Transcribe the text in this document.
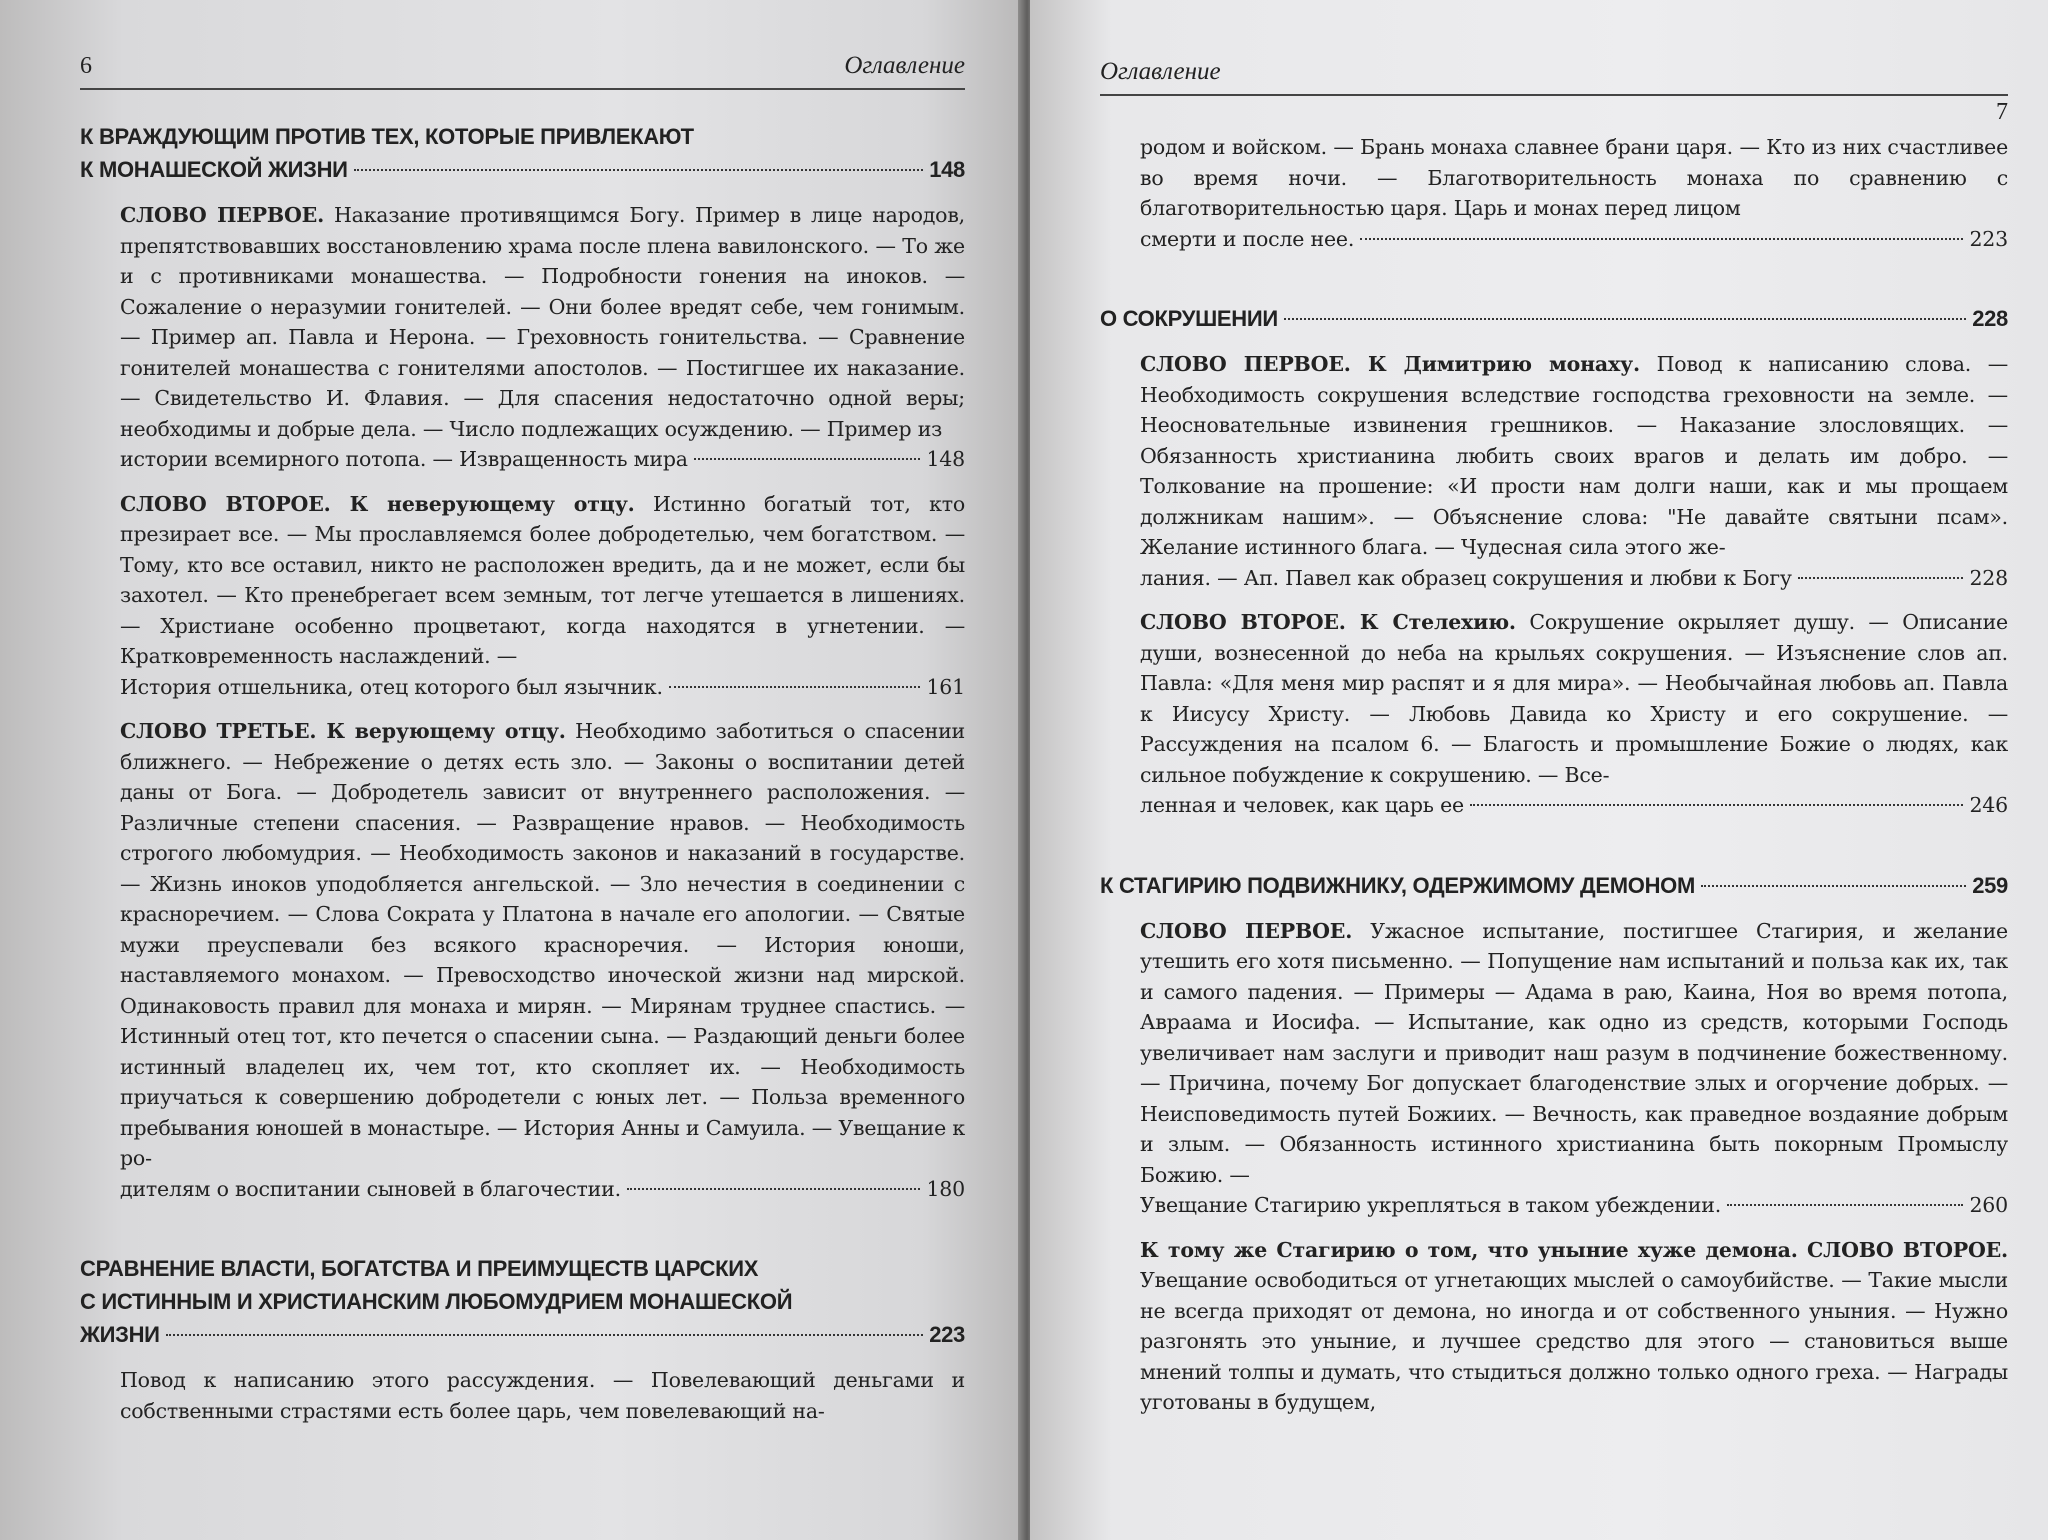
6	Оглавление
К ВРАЖДУЮЩИМ ПРОТИВ ТЕХ, КОТОРЫЕ ПРИВЛЕКАЮТ
К МОНАШЕСКОЙ ЖИЗНИ	148
СЛОВО ПЕРВОЕ. Наказание противящимся Богу. Пример в лице народов, препятствовавших восстановлению храма после плена вавилонского. — То же и с противниками монашества. — Подробности гонения на иноков. — Сожаление о неразумии гонителей. — Они более вредят себе, чем гонимым. — Пример ап. Павла и Нерона. — Греховность гонительства. — Сравнение гонителей монашества с гонителями апостолов. — Постигшее их наказание. — Свидетельство И. Флавия. — Для спасения недостаточно одной веры; необходимы и добрые дела. — Число подлежащих осуждению. — Пример из
истории всемирного потопа. — Извращенность мира	148
СЛОВО ВТОРОЕ. К неверующему отцу. Истинно богатый тот, кто презирает все. — Мы прославляемся более добродетелью, чем богатством. — Тому, кто все оставил, никто не расположен вредить, да и не может, если бы захотел. — Кто пренебрегает всем земным, тот легче утешается в лишениях. — Христиане особенно процветают, когда находятся в угнетении. — Кратковременность наслаждений. —
История отшельника, отец которого был язычник.	161
СЛОВО ТРЕТЬЕ. К верующему отцу. Необходимо заботиться о спасении ближнего. — Небрежение о детях есть зло. — Законы о воспитании детей даны от Бога. — Добродетель зависит от внутреннего расположения. — Различные степени спасения. — Развращение нравов. — Необходимость строгого любомудрия. — Необходимость законов и наказаний в государстве. — Жизнь иноков уподобляется ангельской. — Зло нечестия в соединении с красноречием. — Слова Сократа у Платона в начале его апологии. — Святые мужи преуспевали без всякого красноречия. — История юноши, наставляемого монахом. — Превосходство иноческой жизни над мирской. Одинаковость правил для монаха и мирян. — Мирянам труднее спастись. — Истинный отец тот, кто печется о спасении сына. — Раздающий деньги более истинный владелец их, чем тот, кто скопляет их. — Необходимость приучаться к совершению добродетели с юных лет. — Польза временного пребывания юношей в монастыре. — История Анны и Самуила. — Увещание к ро-
дителям о воспитании сыновей в благочестии.	180
СРАВНЕНИЕ ВЛАСТИ, БОГАТСТВА И ПРЕИМУЩЕСТВ ЦАРСКИХ
С ИСТИННЫМ И ХРИСТИАНСКИМ ЛЮБОМУДРИЕМ МОНАШЕСКОЙ
ЖИЗНИ	223
Повод к написанию этого рассуждения. — Повелевающий деньгами и собственными страстями есть более царь, чем повелевающий на-
Оглавление
7
родом и войском. — Брань монаха славнее брани царя. — Кто из них счастливее во время ночи. — Благотворительность монаха по сравнению с благотворительностью царя. Царь и монах перед лицом
смерти и после нее.	223
О СОКРУШЕНИИ	228
СЛОВО ПЕРВОЕ. К Димитрию монаху. Повод к написанию слова. — Необходимость сокрушения вследствие господства греховности на земле. — Неосновательные извинения грешников. — Наказание злословящих. — Обязанность христианина любить своих врагов и делать им добро. — Толкование на прошение: «И прости нам долги наши, как и мы прощаем должникам нашим». — Объяснение слова: "Не давайте святыни псам». Желание истинного блага. — Чудесная сила этого же-
лания. — Ап. Павел как образец сокрушения и любви к Богу	228
СЛОВО ВТОРОЕ. К Стелехию. Сокрушение окрыляет душу. — Описание души, вознесенной до неба на крыльях сокрушения. — Изъяснение слов ап. Павла: «Для меня мир распят и я для мира». — Необычайная любовь ап. Павла к Иисусу Христу. — Любовь Давида ко Христу и его сокрушение. — Рассуждения на псалом 6. — Благость и промышление Божие о людях, как сильное побуждение к сокрушению. — Все-
ленная и человек, как царь ее	246
К СТАГИРИЮ ПОДВИЖНИКУ, ОДЕРЖИМОМУ ДЕМОНОМ	259
СЛОВО ПЕРВОЕ. Ужасное испытание, постигшее Стагирия, и желание утешить его хотя письменно. — Попущение нам испытаний и польза как их, так и самого падения. — Примеры — Адама в раю, Каина, Ноя во время потопа, Авраама и Иосифа. — Испытание, как одно из средств, которыми Господь увеличивает нам заслуги и приводит наш разум в подчинение божественному. — Причина, почему Бог допускает благоденствие злых и огорчение добрых. — Неисповедимость путей Божиих. — Вечность, как праведное воздаяние добрым и злым. — Обязанность истинного христианина быть покорным Промыслу Божию. —
Увещание Стагирию укрепляться в таком убеждении.	260
К тому же Стагирию о том, что уныние хуже демона. СЛОВО ВТОРОЕ. Увещание освободиться от угнетающих мыслей о самоубийстве. — Такие мысли не всегда приходят от демона, но иногда и от собственного уныния. — Нужно разгонять это уныние, и лучшее средство для этого — становиться выше мнений толпы и думать, что стыдиться должно только одного греха. — Награды уготованы в будущем,
